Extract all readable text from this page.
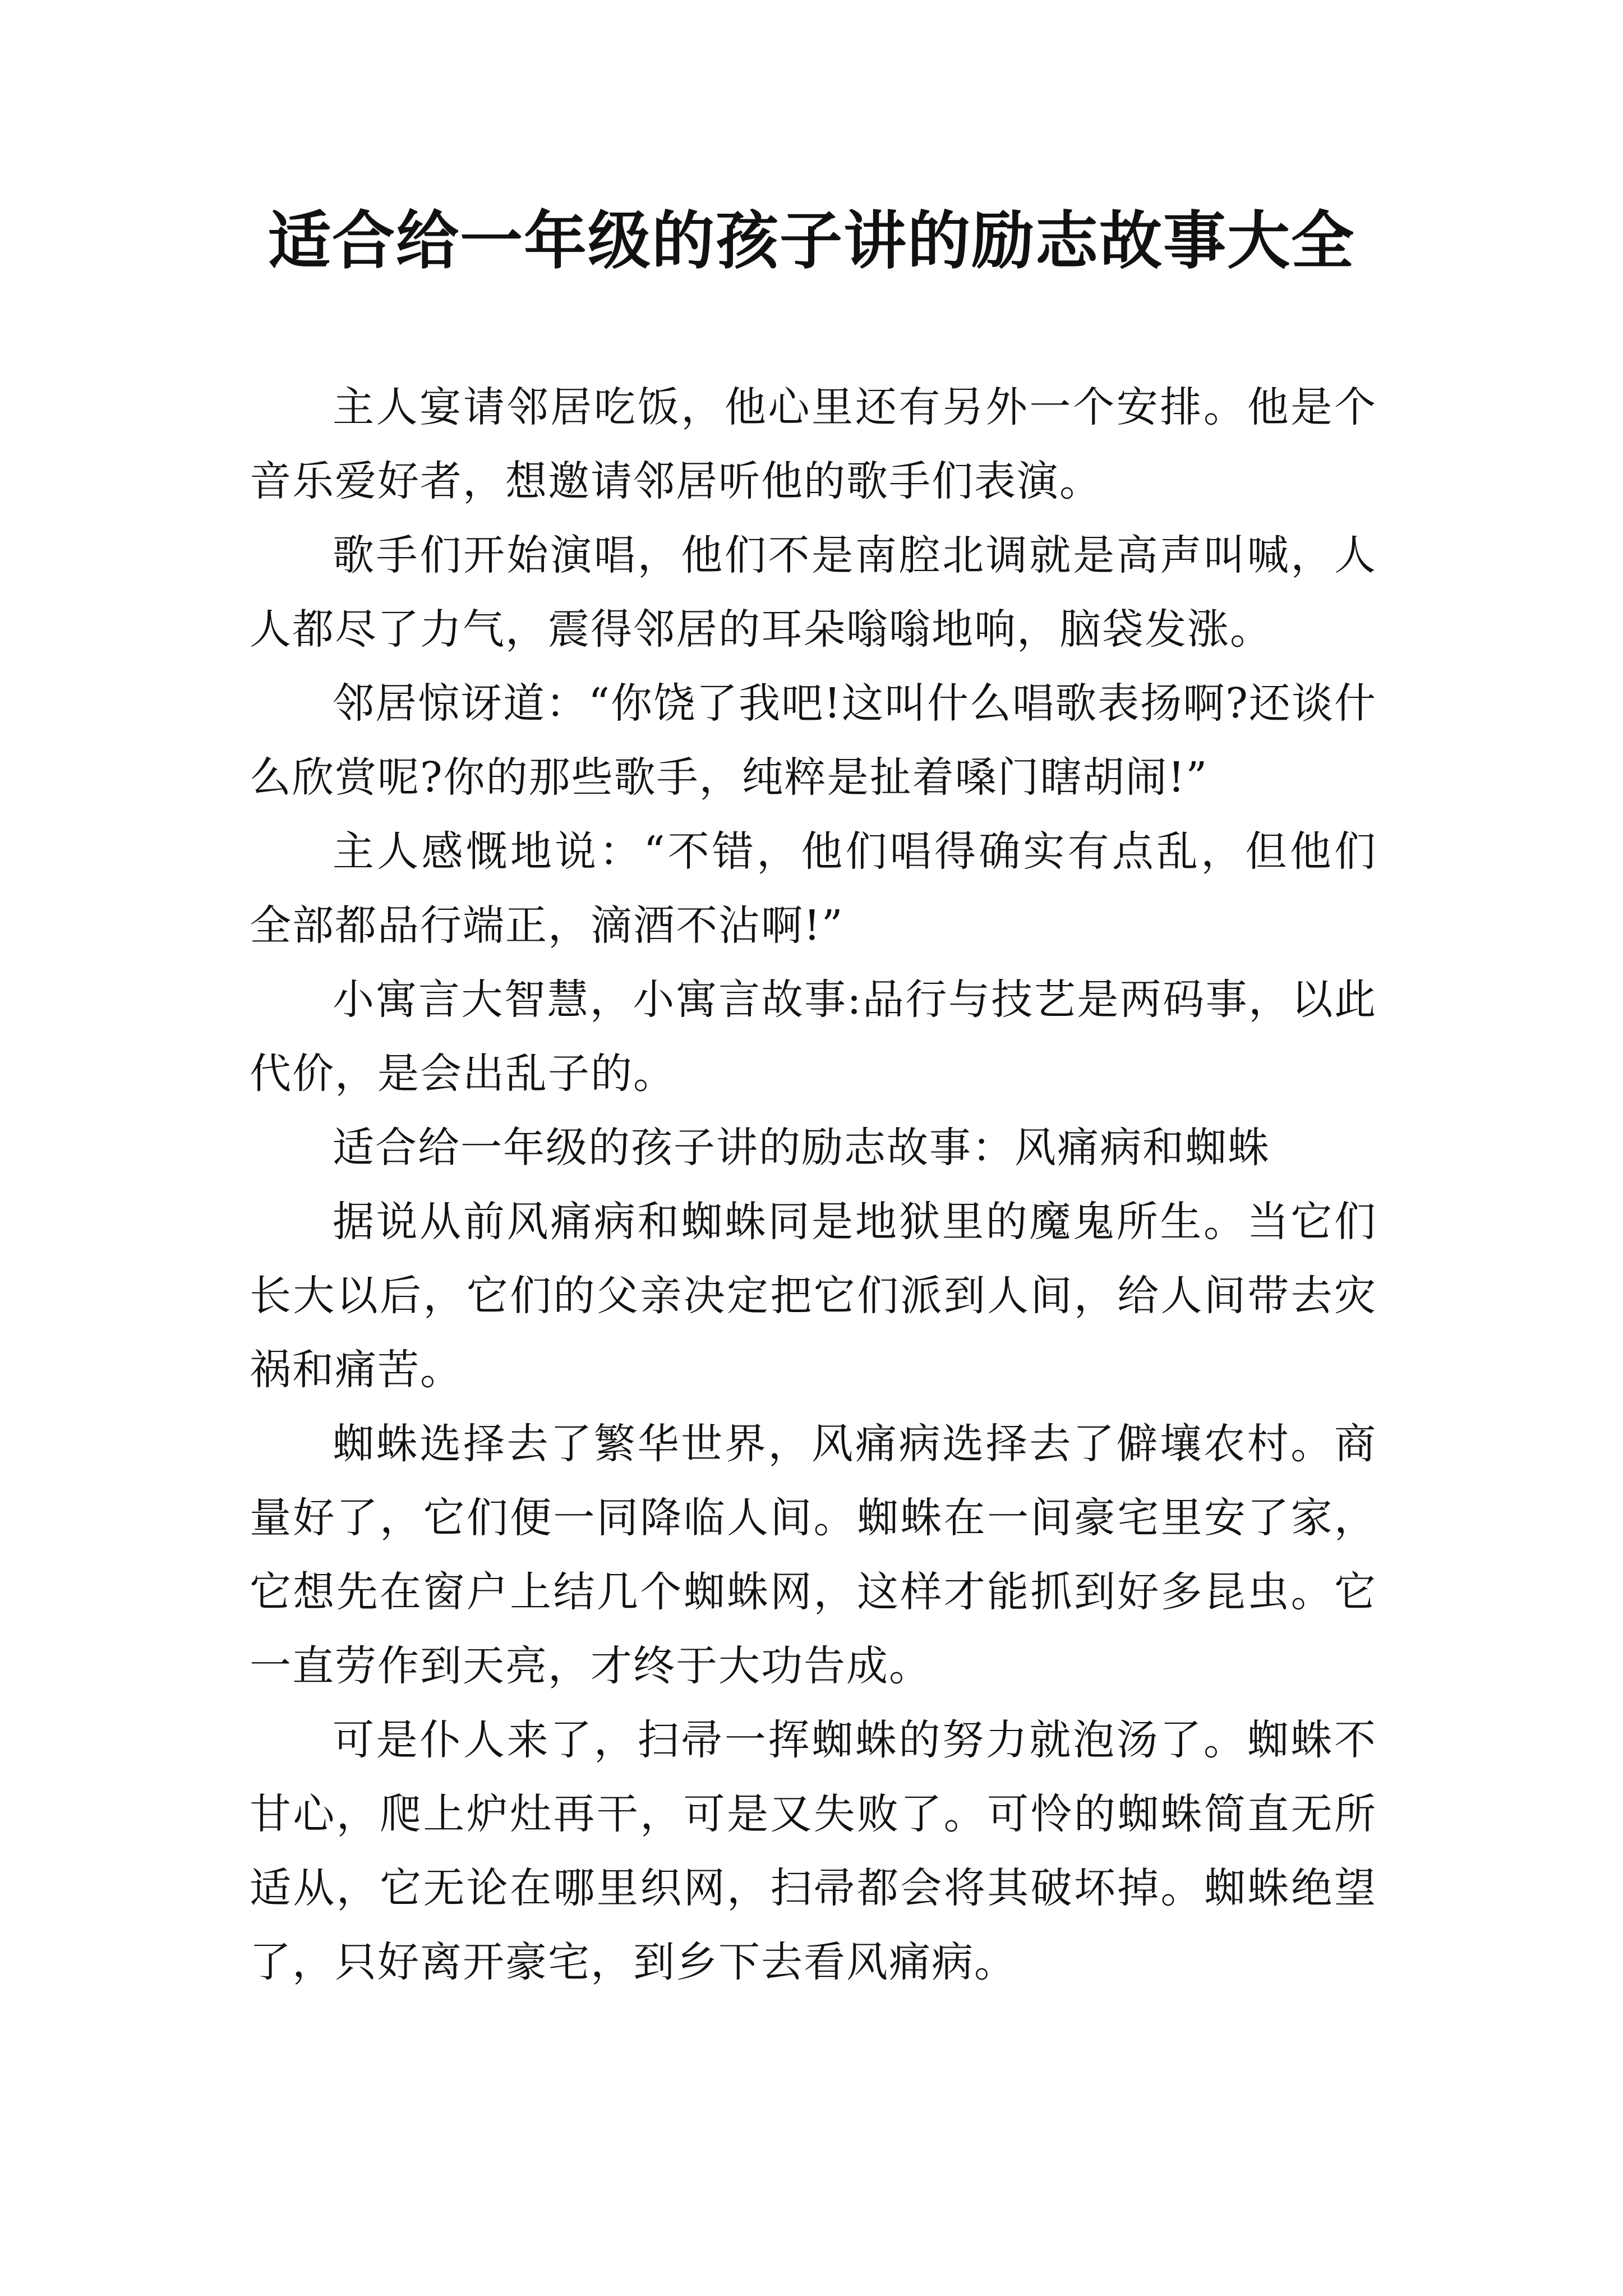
适合给一年级的孩子讲的励志故事大全

主人宴请邻居吃饭，他心里还有另外一个安排。他是个音乐爱好者，想邀请邻居听他的歌手们表演。

歌手们开始演唱，他们不是南腔北调就是高声叫喊，人人都尽了力气，震得邻居的耳朵嗡嗡地响，脑袋发涨。

邻居惊讶道：“你饶了我吧!这叫什么唱歌表扬啊?还谈什么欣赏呢?你的那些歌手，纯粹是扯着嗓门瞎胡闹!”

主人感慨地说：“不错，他们唱得确实有点乱，但他们全部都品行端正，滴酒不沾啊!”

小寓言大智慧，小寓言故事:品行与技艺是两码事，以此代价，是会出乱子的。

适合给一年级的孩子讲的励志故事：风痛病和蜘蛛

据说从前风痛病和蜘蛛同是地狱里的魔鬼所生。当它们长大以后，它们的父亲决定把它们派到人间，给人间带去灾祸和痛苦。

蜘蛛选择去了繁华世界，风痛病选择去了僻壤农村。商量好了，它们便一同降临人间。蜘蛛在一间豪宅里安了家，它想先在窗户上结几个蜘蛛网，这样才能抓到好多昆虫。它一直劳作到天亮，才终于大功告成。

可是仆人来了，扫帚一挥蜘蛛的努力就泡汤了。蜘蛛不甘心，爬上炉灶再干，可是又失败了。可怜的蜘蛛简直无所适从，它无论在哪里织网，扫帚都会将其破坏掉。蜘蛛绝望了，只好离开豪宅，到乡下去看风痛病。
